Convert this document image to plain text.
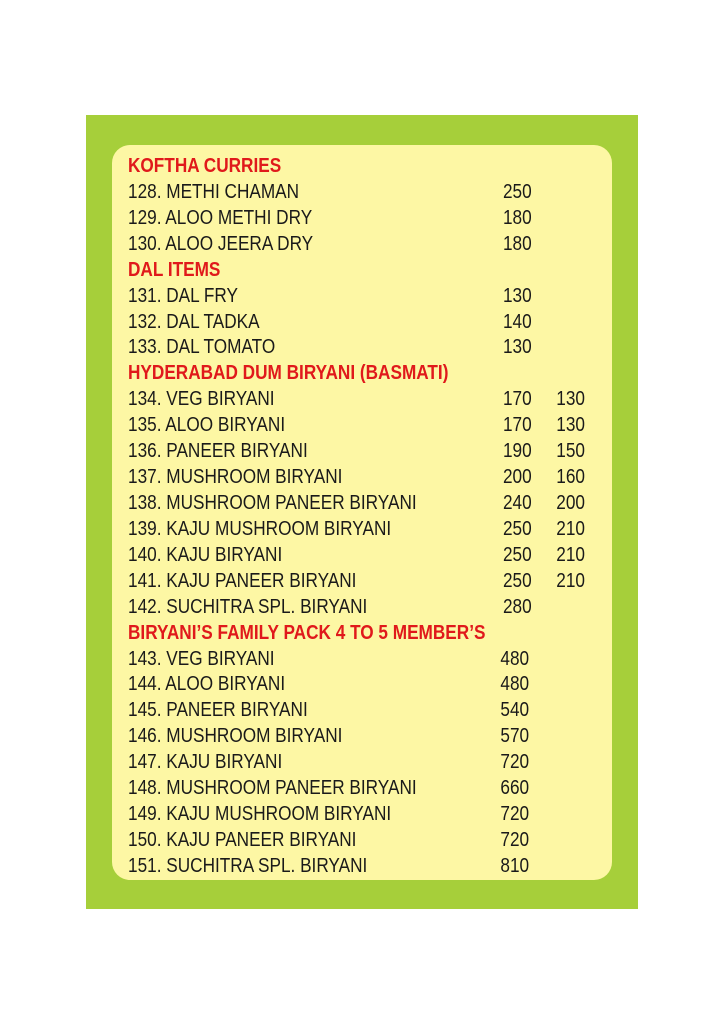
KOFTHA CURRIES
128. METHI CHAMAN	250
129. ALOO METHI DRY	180
130. ALOO JEERA DRY	180
DAL ITEMS
131. DAL FRY	130
132. DAL TADKA	140
133. DAL TOMATO	130
HYDERABAD DUM BIRYANI (BASMATI)
134. VEG BIRYANI	170 130
135. ALOO BIRYANI	170 130
136. PANEER BIRYANI	190 150
137. MUSHROOM BIRYANI	200 160
138. MUSHROOM PANEER BIRYANI	240 200
139. KAJU MUSHROOM BIRYANI	250 210
140. KAJU BIRYANI	250 210
141. KAJU PANEER BIRYANI	250 210
142. SUCHITRA SPL. BIRYANI	280
BIRYANI’S FAMILY PACK 4 TO 5 MEMBER’S
143. VEG BIRYANI	480
144. ALOO BIRYANI	480
145. PANEER BIRYANI	540
146. MUSHROOM BIRYANI	570
147. KAJU BIRYANI	720
148. MUSHROOM PANEER BIRYANI	660
149. KAJU MUSHROOM BIRYANI	720
150. KAJU PANEER BIRYANI	720
151. SUCHITRA SPL. BIRYANI	810
